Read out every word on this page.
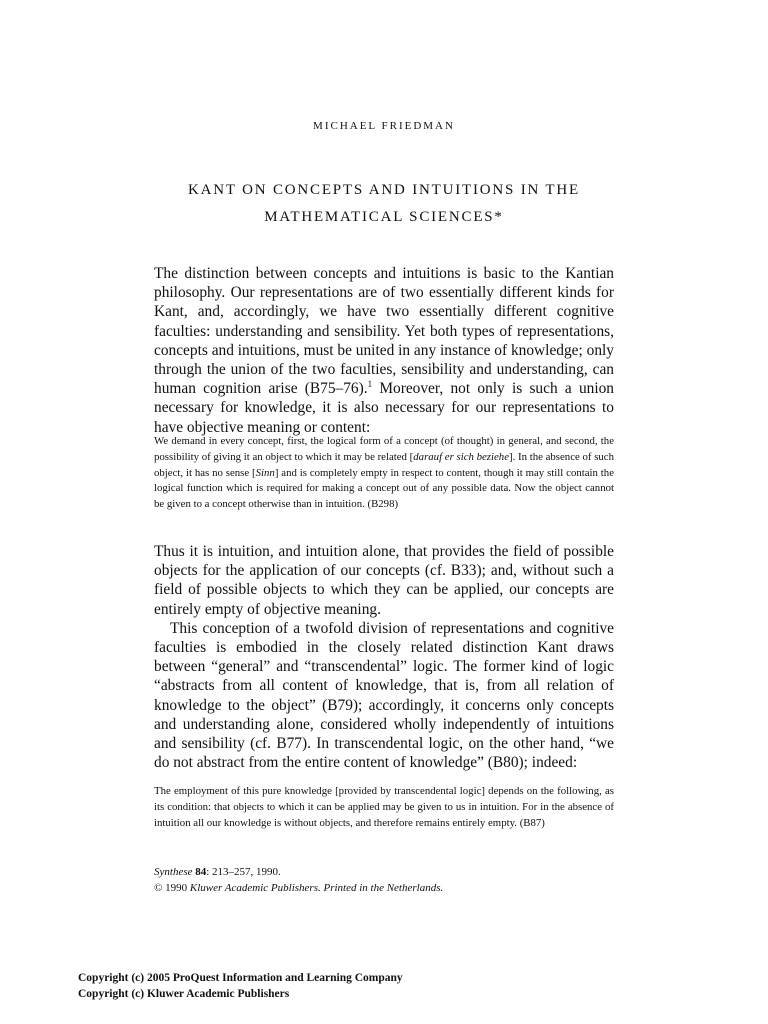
MICHAEL FRIEDMAN
KANT ON CONCEPTS AND INTUITIONS IN THE
MATHEMATICAL SCIENCES*

The distinction between concepts and intuitions is basic to the Kantian philosophy. Our representations are of two essentially different kinds for Kant, and, accordingly, we have two essentially different cognitive faculties: understanding and sensibility. Yet both types of representations, concepts and intuitions, must be united in any instance of knowledge; only through the union of the two faculties, sensibility and understanding, can human cognition arise (B75–76).$^1$ Moreover, not only is such a union necessary for knowledge, it is also necessary for our representations to have objective meaning or content:

We demand in every concept, first, the logical form of a concept (of thought) in general, and second, the possibility of giving it an object to which it may be related [darauf er sich beziehe]. In the absence of such object, it has no sense [Sinn] and is completely empty in respect to content, though it may still contain the logical function which is required for making a concept out of any possible data. Now the object cannot be given to a concept otherwise than in intuition. (B298)

Thus it is intuition, and intuition alone, that provides the field of possible objects for the application of our concepts (cf. B33); and, without such a field of possible objects to which they can be applied, our concepts are entirely empty of objective meaning.

This conception of a twofold division of representations and cognitive faculties is embodied in the closely related distinction Kant draws between “general” and “transcendental” logic. The former kind of logic “abstracts from all content of knowledge, that is, from all relation of knowledge to the object” (B79); accordingly, it concerns only concepts and understanding alone, considered wholly independently of intuitions and sensibility (cf. B77). In transcendental logic, on the other hand, “we do not abstract from the entire content of knowledge” (B80); indeed:

The employment of this pure knowledge [provided by transcendental logic] depends on the following, as its condition: that objects to which it can be applied may be given to us in intuition. For in the absence of intuition all our knowledge is without objects, and therefore remains entirely empty. (B87)

Synthese 84: 213–257, 1990.
© 1990 Kluwer Academic Publishers. Printed in the Netherlands.
Copyright (c) 2005 ProQuest Information and Learning Company
Copyright (c) Kluwer Academic Publishers
